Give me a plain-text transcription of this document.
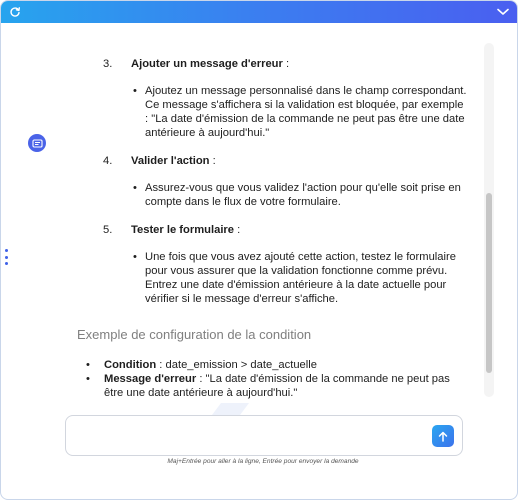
3.	Ajouter un message d'erreur :
• Ajoutez un message personnalisé dans le champ correspondant. Ce message s'affichera si la validation est bloquée, par exemple : "La date d'émission de la commande ne peut pas être une date antérieure à aujourd'hui."
4.	Valider l'action :
• Assurez-vous que vous validez l'action pour qu'elle soit prise en compte dans le flux de votre formulaire.
5.	Tester le formulaire :
• Une fois que vous avez ajouté cette action, testez le formulaire pour vous assurer que la validation fonctionne comme prévu. Entrez une date d'émission antérieure à la date actuelle pour vérifier si le message d'erreur s'affiche.
Exemple de configuration de la condition
• Condition : date_emission > date_actuelle
• Message d'erreur : "La date d'émission de la commande ne peut pas être une date antérieure à aujourd'hui."
Maj+Entrée pour aller à la ligne, Entrée pour envoyer la demande
